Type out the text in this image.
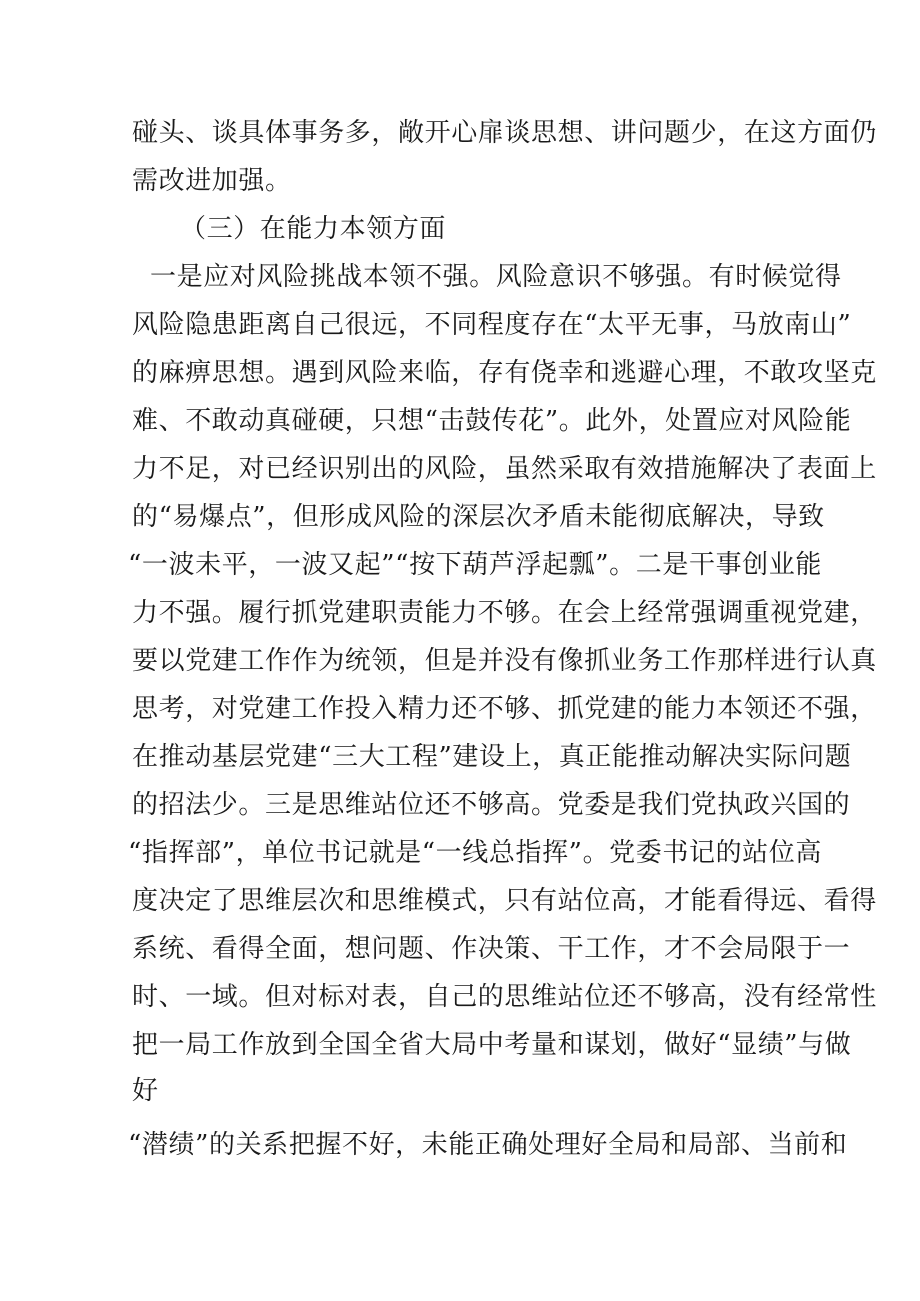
碰头、谈具体事务多，敞开心扉谈思想、讲问题少，在这方面仍
需改进加强。
（三）在能力本领方面
一是应对风险挑战本领不强。风险意识不够强。有时候觉得
风险隐患距离自己很远，不同程度存在“太平无事，马放南山”
的麻痹思想。遇到风险来临，存有侥幸和逃避心理，不敢攻坚克
难、不敢动真碰硬，只想“击鼓传花”。此外，处置应对风险能
力不足，对已经识别出的风险，虽然采取有效措施解决了表面上
的“易爆点”，但形成风险的深层次矛盾未能彻底解决，导致
“一波未平，一波又起”“按下葫芦浮起瓢”。二是干事创业能
力不强。履行抓党建职责能力不够。在会上经常强调重视党建，
要以党建工作作为统领，但是并没有像抓业务工作那样进行认真
思考，对党建工作投入精力还不够、抓党建的能力本领还不强，
在推动基层党建“三大工程”建设上，真正能推动解决实际问题
的招法少。三是思维站位还不够高。党委是我们党执政兴国的
“指挥部”，单位书记就是“一线总指挥”。党委书记的站位高
度决定了思维层次和思维模式，只有站位高，才能看得远、看得
系统、看得全面，想问题、作决策、干工作，才不会局限于一
时、一域。但对标对表，自己的思维站位还不够高，没有经常性
把一局工作放到全国全省大局中考量和谋划，做好“显绩”与做
好
“潜绩”的关系把握不好，未能正确处理好全局和局部、当前和
